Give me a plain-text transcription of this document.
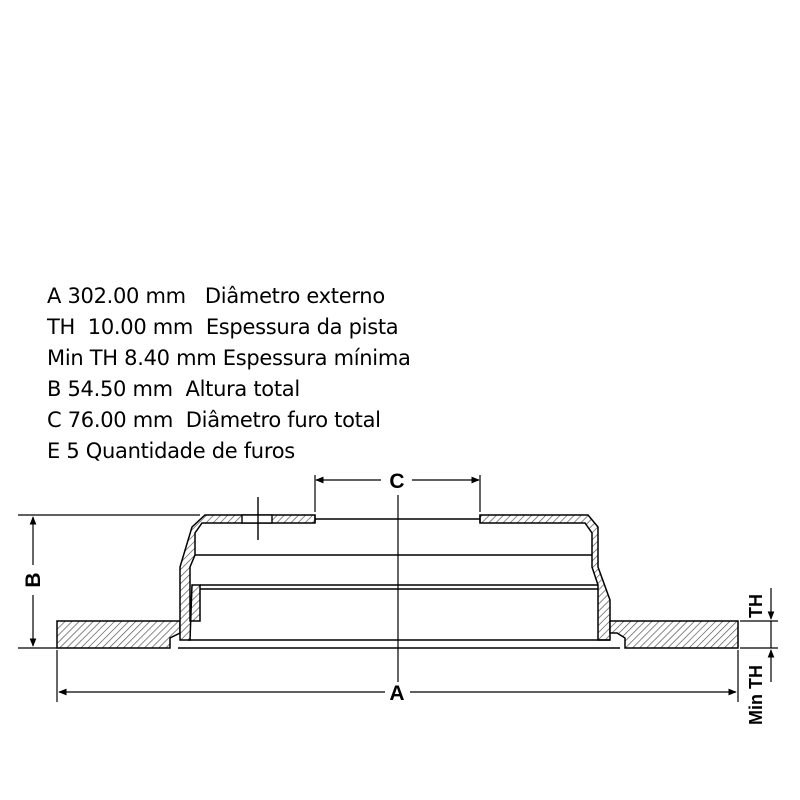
A 302.00 mm   Diâmetro externo
TH  10.00 mm  Espessura da pista
Min TH 8.40 mm Espessura mínima
B 54.50 mm  Altura total
C 76.00 mm  Diâmetro furo total
E 5 Quantidade de furos
C
B
A
TH
Min TH
